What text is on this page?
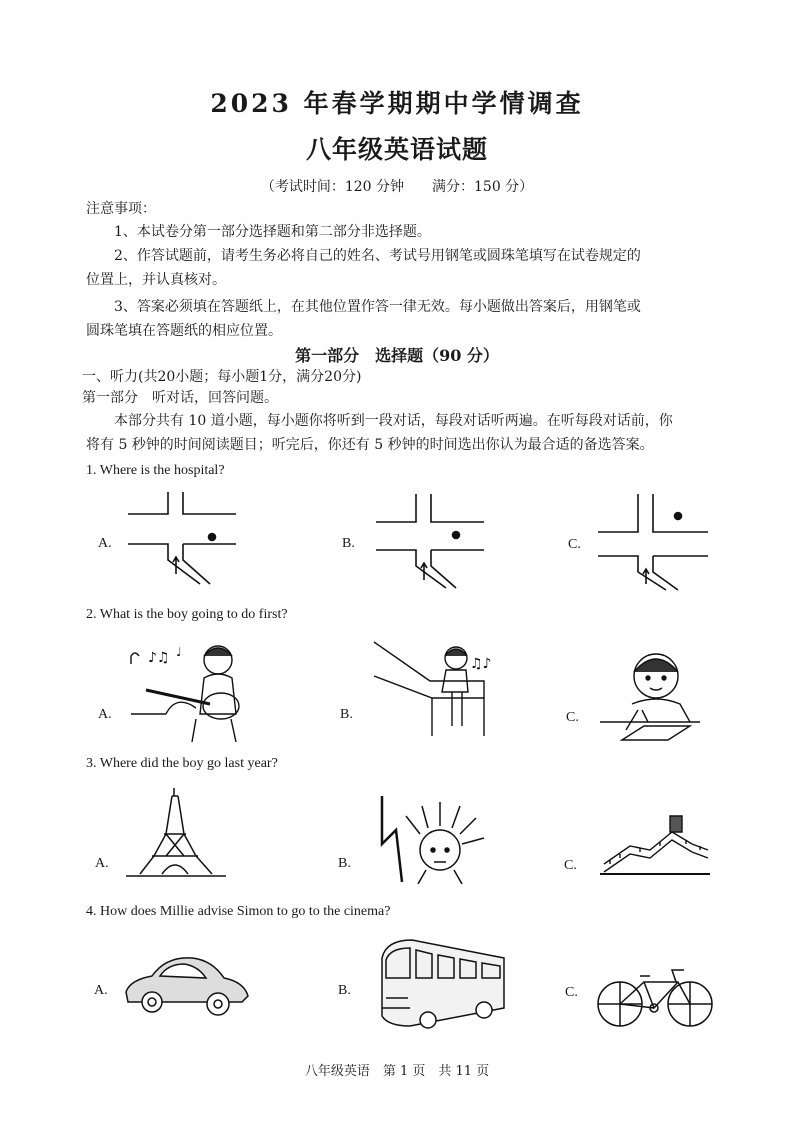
2023 年春学期期中学情调查
八年级英语试题
（考试时间：120 分钟　　满分：150 分）
注意事项：
1、本试卷分第一部分选择题和第二部分非选择题。
2、作答试题前，请考生务必将自己的姓名、考试号用钢笔或圆珠笔填写在试卷规定的
位置上，并认真核对。
3、答案必须填在答题纸上，在其他位置作答一律无效。每小题做出答案后，用钢笔或
圆珠笔填在答题纸的相应位置。
第一部分　选择题（90 分）
一、听力(共20小题；每小题1分，满分20分)
第一部分　听对话，回答问题。
本部分共有 10 道小题，每小题你将听到一段对话，每段对话听两遍。在听每段对话前，你
将有 5 秒钟的时间阅读题目；听完后，你还有 5 秒钟的时间选出你认为最合适的备选答案。
1. Where is the hospital?
A.	B.	C.
2. What is the boy going to do first?
A.	B.	C.
♪♫ ♩
♫♪
3. Where did the boy go last year?
A.	B.	C.
4. How does Millie advise Simon to go to the cinema?
A.	B.	C.
八年级英语　第 1 页　共 11 页
